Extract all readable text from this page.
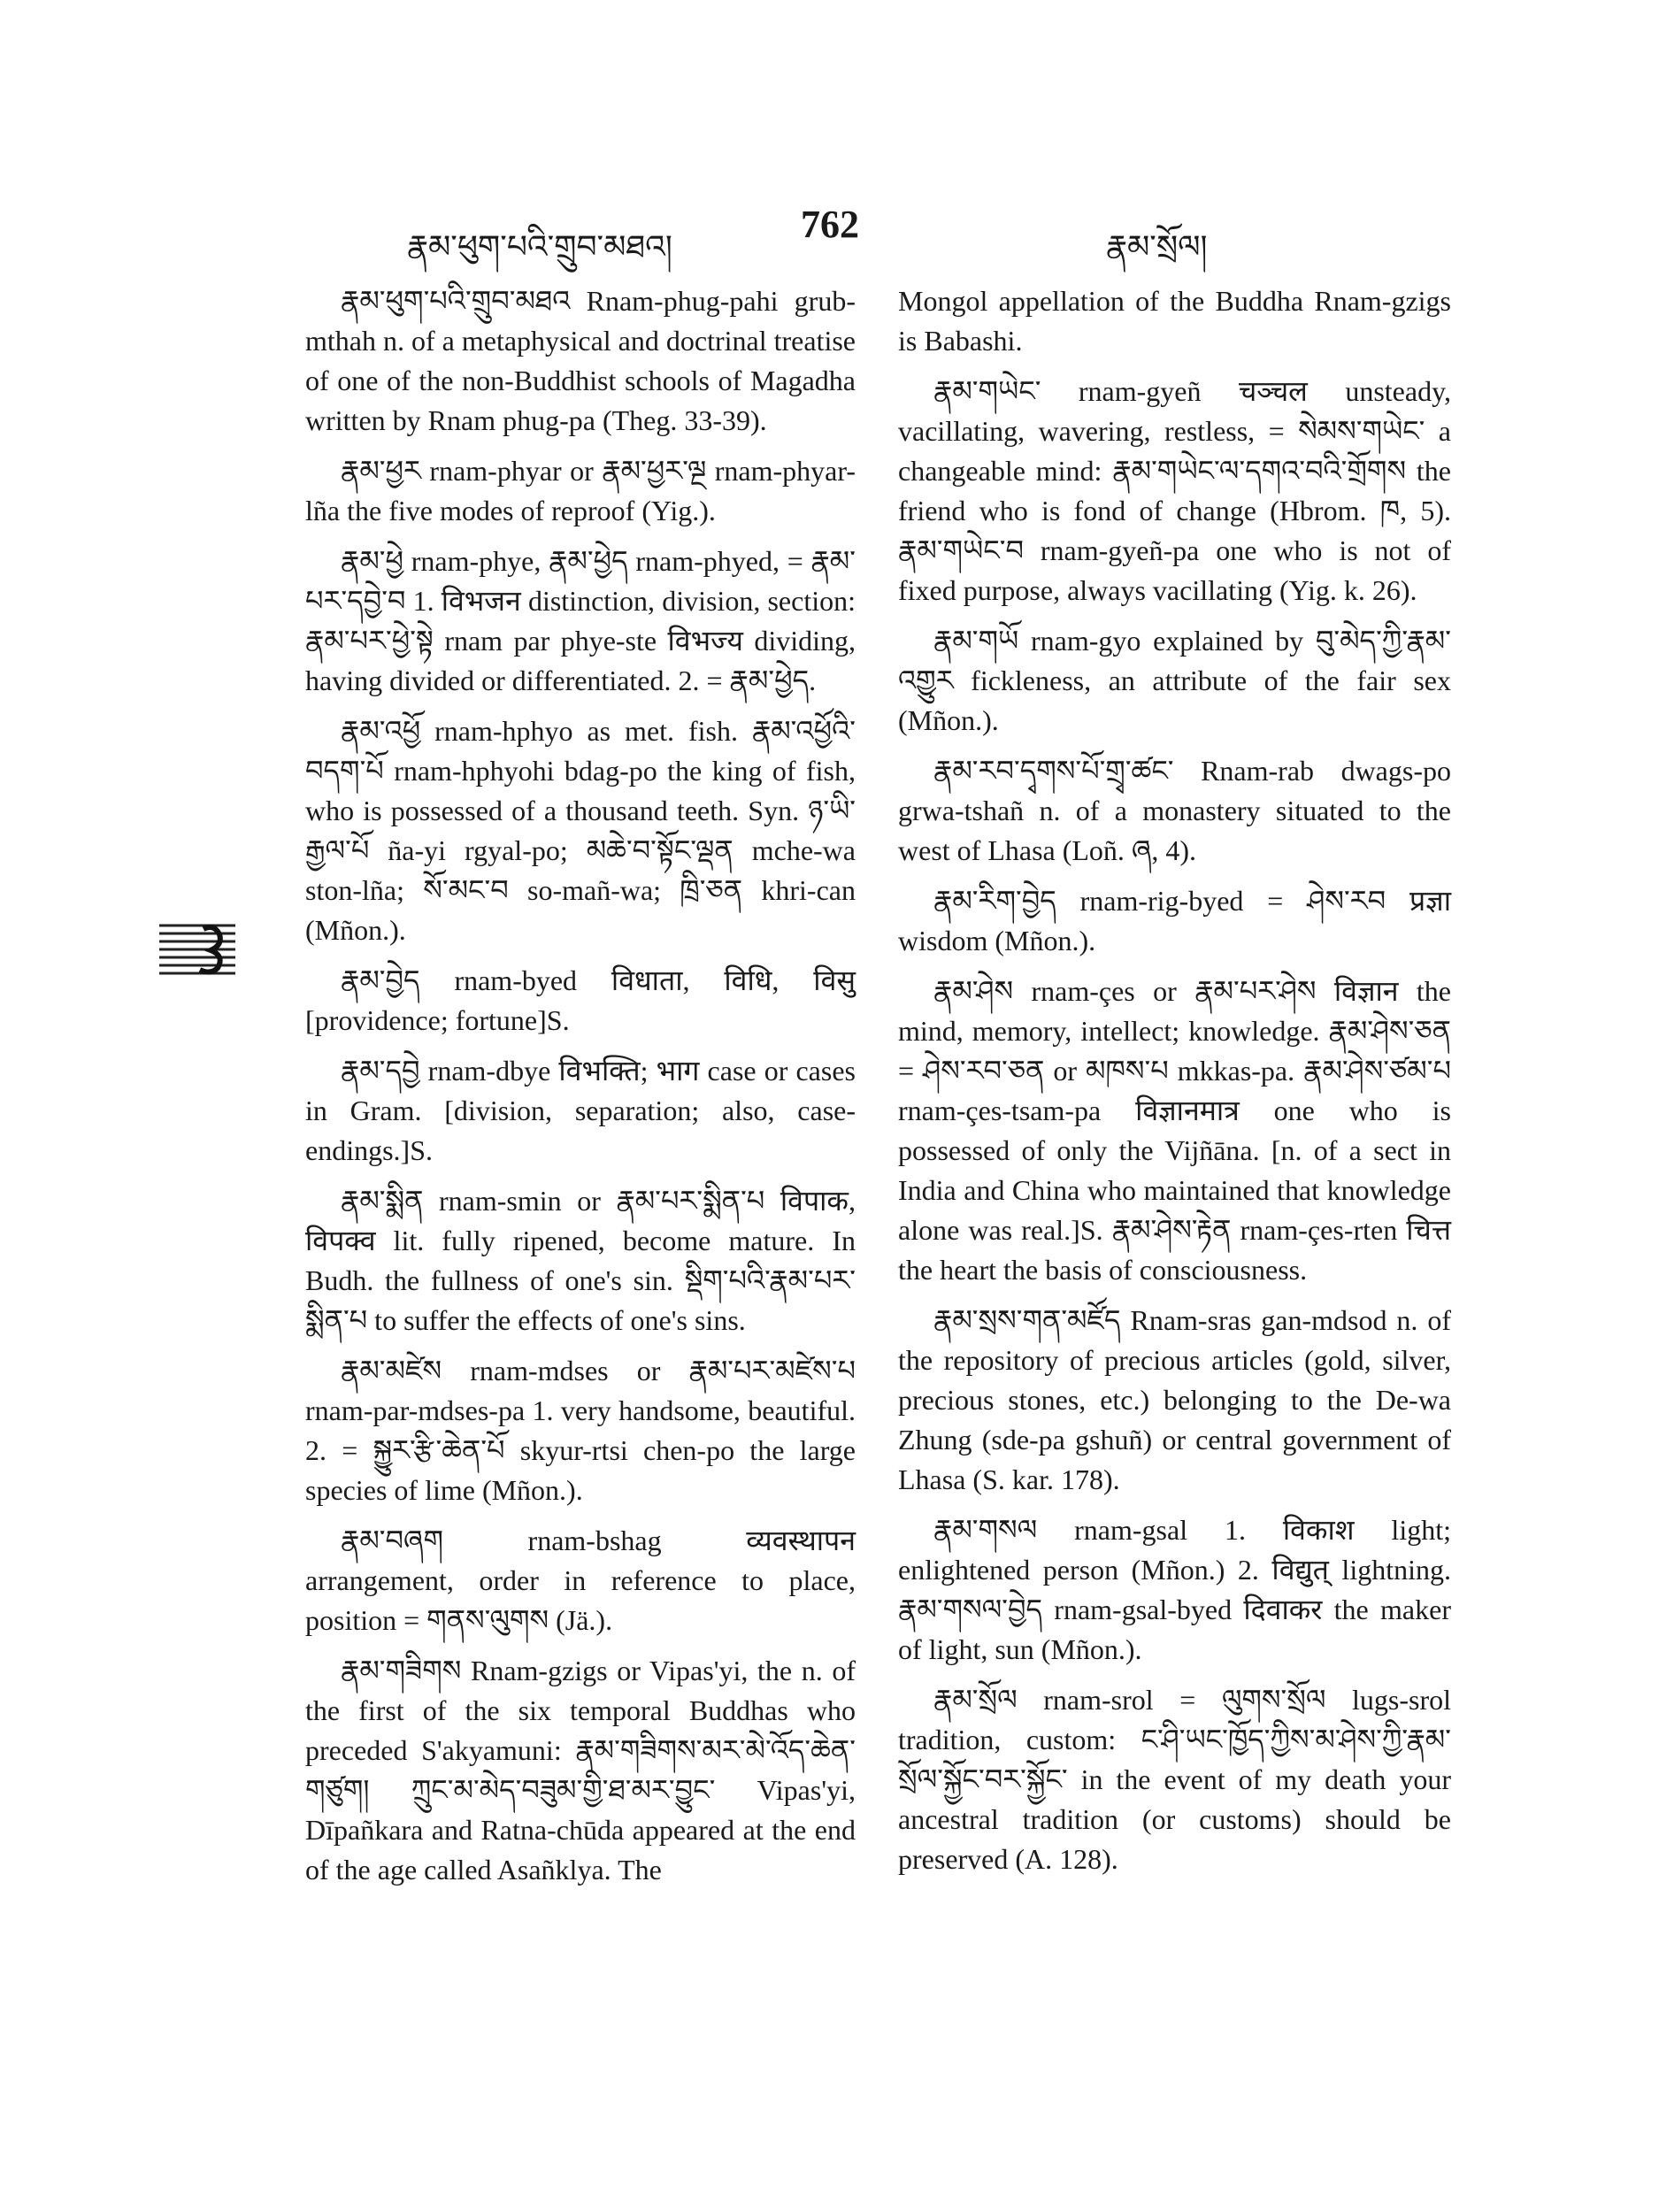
རྣམ་ཕུག་པའི་གྲུབ་མཐའ།
762
རྣམ་སྲོལ།

རྣམ་ཕུག་པའི་གྲུབ་མཐའ Rnam-phug-pahi grub-mthah n. of a metaphysical and doctrinal treatise of one of the non-Buddhist schools of Magadha written by Rnam phug-pa (Theg. 33-39).

རྣམ་ཕྱར rnam-phyar or རྣམ་ཕྱར་ལྔ rnam-phyar-lña the five modes of reproof (Yig.).

རྣམ་ཕྱེ rnam-phye, རྣམ་ཕྱེད rnam-phyed, = རྣམ་པར་དབྱེ་བ 1. विभजन distinction, division, section: རྣམ་པར་ཕྱེ་སྟེ rnam par phye-ste विभज्य dividing, having divided or differentiated. 2. = རྣམ་ཕྱེད.

རྣམ་འཕྱོ rnam-hphyo as met. fish. རྣམ་འཕྱོའི་བདག་པོ rnam-hphyohi bdag-po the king of fish, who is possessed of a thousand teeth. Syn. ཉ་ཡི་རྒྱལ་པོ ña-yi rgyal-po; མཆེ་བ་སྟོང་ལྡན mche-wa ston-lña; སོ་མང་བ so-mañ-wa; ཁྲི་ཅན khri-can (Mñon.).

རྣམ་བྱེད rnam-byed विधाता, विधि, विसु [providence; fortune]S.

རྣམ་དབྱེ rnam-dbye विभक्ति; भाग case or cases in Gram. [division, separation; also, case-endings.]S.

རྣམ་སྨིན rnam-smin or རྣམ་པར་སྨིན་པ विपाक, विपक्व lit. fully ripened, become mature. In Budh. the fullness of one's sin. སྡིག་པའི་རྣམ་པར་སྨིན་པ to suffer the effects of one's sins.

རྣམ་མཛེས rnam-mdses or རྣམ་པར་མཛེས་པ rnam-par-mdses-pa 1. very handsome, beautiful. 2. = སྐྱུར་རྩི་ཆེན་པོ skyur-rtsi chen-po the large species of lime (Mñon.).

རྣམ་བཞག rnam-bshag व्यवस्थापन arrangement, order in reference to place, position = གནས་ལུགས (Jä.).

རྣམ་གཟིགས Rnam-gzigs or Vipas'yi, the n. of the first of the six temporal Buddhas who preceded S'akyamuni: རྣམ་གཟིགས་མར་མེ་འོད་ཆེན་གཙུག། ཀྲུང་མ་མེད་བཟུམ་གྱི་ཐ་མར་བྱུང་ Vipas'yi, Dīpañkara and Ratna-chūda appeared at the end of the age called Asañklya. The

Mongol appellation of the Buddha Rnam-gzigs is Babashi.

རྣམ་གཡེང་ rnam-gyeñ चञ्चल unsteady, vacillating, wavering, restless, = སེམས་གཡེང་ a changeable mind: རྣམ་གཡེང་ལ་དགའ་བའི་གྲོགས the friend who is fond of change (Hbrom. ཁ, 5). རྣམ་གཡེང་བ rnam-gyeñ-pa one who is not of fixed purpose, always vacillating (Yig. k. 26).

རྣམ་གཡོ rnam-gyo explained by བུ་མེད་ཀྱི་རྣམ་འགྱུར fickleness, an attribute of the fair sex (Mñon.).

རྣམ་རབ་དྭགས་པོ་གྲྭ་ཚང་ Rnam-rab dwags-po grwa-tshañ n. of a monastery situated to the west of Lhasa (Loñ. ཞ, 4).

རྣམ་རིག་བྱེད rnam-rig-byed = ཤེས་རབ प्रज्ञा wisdom (Mñon.).

རྣམ་ཤེས rnam-çes or རྣམ་པར་ཤེས विज्ञान the mind, memory, intellect; knowledge. རྣམ་ཤེས་ཅན = ཤེས་རབ་ཅན or མཁས་པ mkkas-pa. རྣམ་ཤེས་ཙམ་པ rnam-çes-tsam-pa विज्ञानमात्र one who is possessed of only the Vijñāna. [n. of a sect in India and China who maintained that knowledge alone was real.]S. རྣམ་ཤེས་རྟེན rnam-çes-rten चित्त the heart the basis of consciousness.

རྣམ་སྲས་གན་མཛོད Rnam-sras gan-mdsod n. of the repository of precious articles (gold, silver, precious stones, etc.) belonging to the De-wa Zhung (sde-pa gshuñ) or central government of Lhasa (S. kar. 178).

རྣམ་གསལ rnam-gsal 1. विकाश light; enlightened person (Mñon.) 2. विद्युत् lightning. རྣམ་གསལ་བྱེད rnam-gsal-byed दिवाकर the maker of light, sun (Mñon.).

རྣམ་སྲོལ rnam-srol = ལུགས་སྲོལ lugs-srol tradition, custom: ང་ཤི་ཡང་ཁྱོད་ཀྱིས་མ་ཤེས་ཀྱི་རྣམ་སྲོལ་སྐྱོང་བར་སྐྱོང་ in the event of my death your ancestral tradition (or customs) should be preserved (A. 128).
